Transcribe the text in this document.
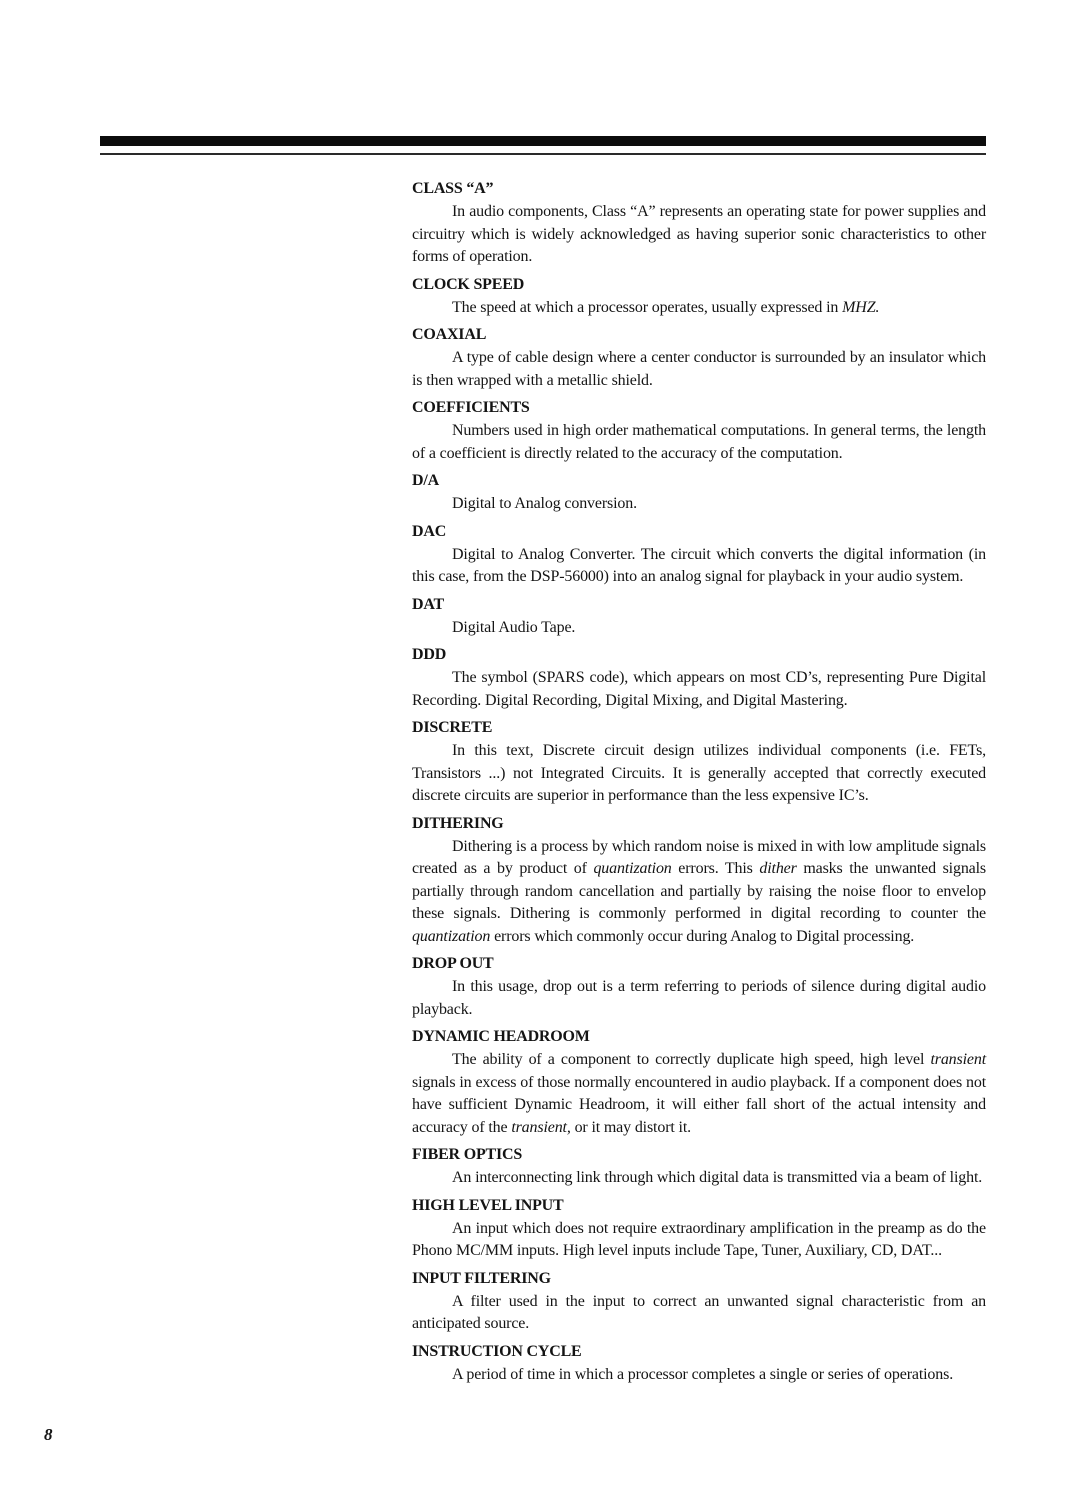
CLASS “A”

In audio components, Class “A” represents an operating state for power supplies and circuitry which is widely acknowledged as having superior sonic characteristics to other forms of operation.

CLOCK SPEED

The speed at which a processor operates, usually expressed in MHZ.

COAXIAL

A type of cable design where a center conductor is surrounded by an insulator which is then wrapped with a metallic shield.

COEFFICIENTS

Numbers used in high order mathematical computations. In general terms, the length of a coefficient is directly related to the accuracy of the computation.

D/A

Digital to Analog conversion.

DAC

Digital to Analog Converter. The circuit which converts the digital information (in this case, from the DSP-56000) into an analog signal for playback in your audio system.

DAT

Digital Audio Tape.

DDD

The symbol (SPARS code), which appears on most CD’s, representing Pure Digital Recording. Digital Recording, Digital Mixing, and Digital Mastering.

DISCRETE

In this text, Discrete circuit design utilizes individual components (i.e. FETs, Transistors ...) not Integrated Circuits. It is generally accepted that correctly executed discrete circuits are superior in performance than the less expensive IC’s.

DITHERING

Dithering is a process by which random noise is mixed in with low amplitude signals created as a by product of quantization errors. This dither masks the unwanted signals partially through random cancellation and partially by raising the noise floor to envelop these signals. Dithering is commonly performed in digital recording to counter the quantization errors which commonly occur during Analog to Digital processing.

DROP OUT

In this usage, drop out is a term referring to periods of silence during digital audio playback.

DYNAMIC HEADROOM

The ability of a component to correctly duplicate high speed, high level transient signals in excess of those normally encountered in audio playback. If a component does not have sufficient Dynamic Headroom, it will either fall short of the actual intensity and accuracy of the transient, or it may distort it.

FIBER OPTICS

An interconnecting link through which digital data is transmitted via a beam of light.

HIGH LEVEL INPUT

An input which does not require extraordinary amplification in the preamp as do the Phono MC/MM inputs. High level inputs include Tape, Tuner, Auxiliary, CD, DAT...

INPUT FILTERING

A filter used in the input to correct an unwanted signal characteristic from an anticipated source.

INSTRUCTION CYCLE

A period of time in which a processor completes a single or series of operations.

8
